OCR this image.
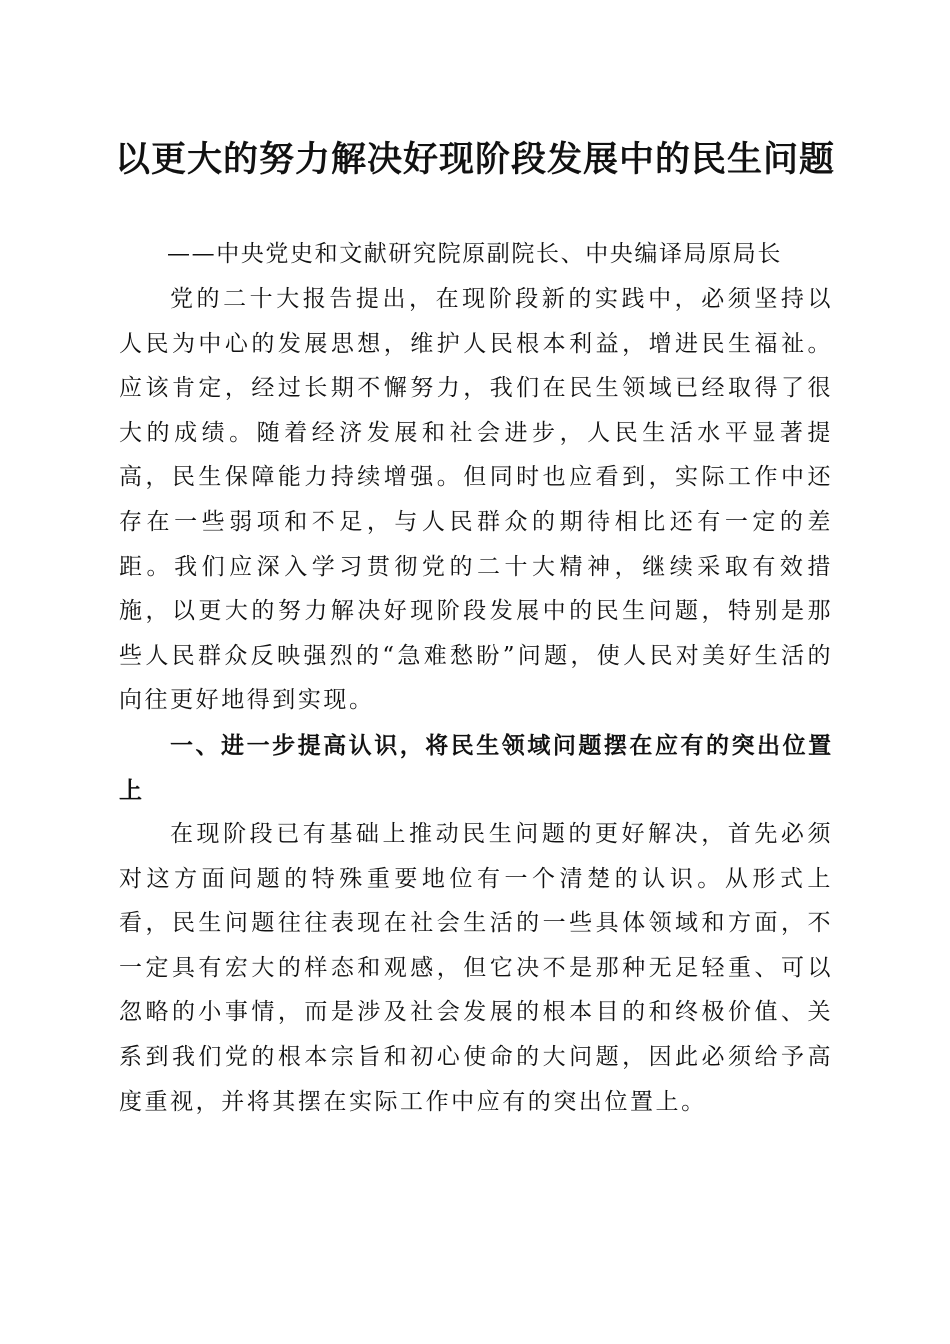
以更大的努力解决好现阶段发展中的民生问题

——中央党史和文献研究院原副院长、中央编译局原局长

党的二十大报告提出，在现阶段新的实践中，必须坚持以人民为中心的发展思想，维护人民根本利益，增进民生福祉。应该肯定，经过长期不懈努力，我们在民生领域已经取得了很大的成绩。随着经济发展和社会进步，人民生活水平显著提高，民生保障能力持续增强。但同时也应看到，实际工作中还存在一些弱项和不足，与人民群众的期待相比还有一定的差距。我们应深入学习贯彻党的二十大精神，继续采取有效措施，以更大的努力解决好现阶段发展中的民生问题，特别是那些人民群众反映强烈的“急难愁盼”问题，使人民对美好生活的向往更好地得到实现。

一、进一步提高认识，将民生领域问题摆在应有的突出位置上

在现阶段已有基础上推动民生问题的更好解决，首先必须对这方面问题的特殊重要地位有一个清楚的认识。从形式上看，民生问题往往表现在社会生活的一些具体领域和方面，不一定具有宏大的样态和观感，但它决不是那种无足轻重、可以忽略的小事情，而是涉及社会发展的根本目的和终极价值、关系到我们党的根本宗旨和初心使命的大问题，因此必须给予高度重视，并将其摆在实际工作中应有的突出位置上。
